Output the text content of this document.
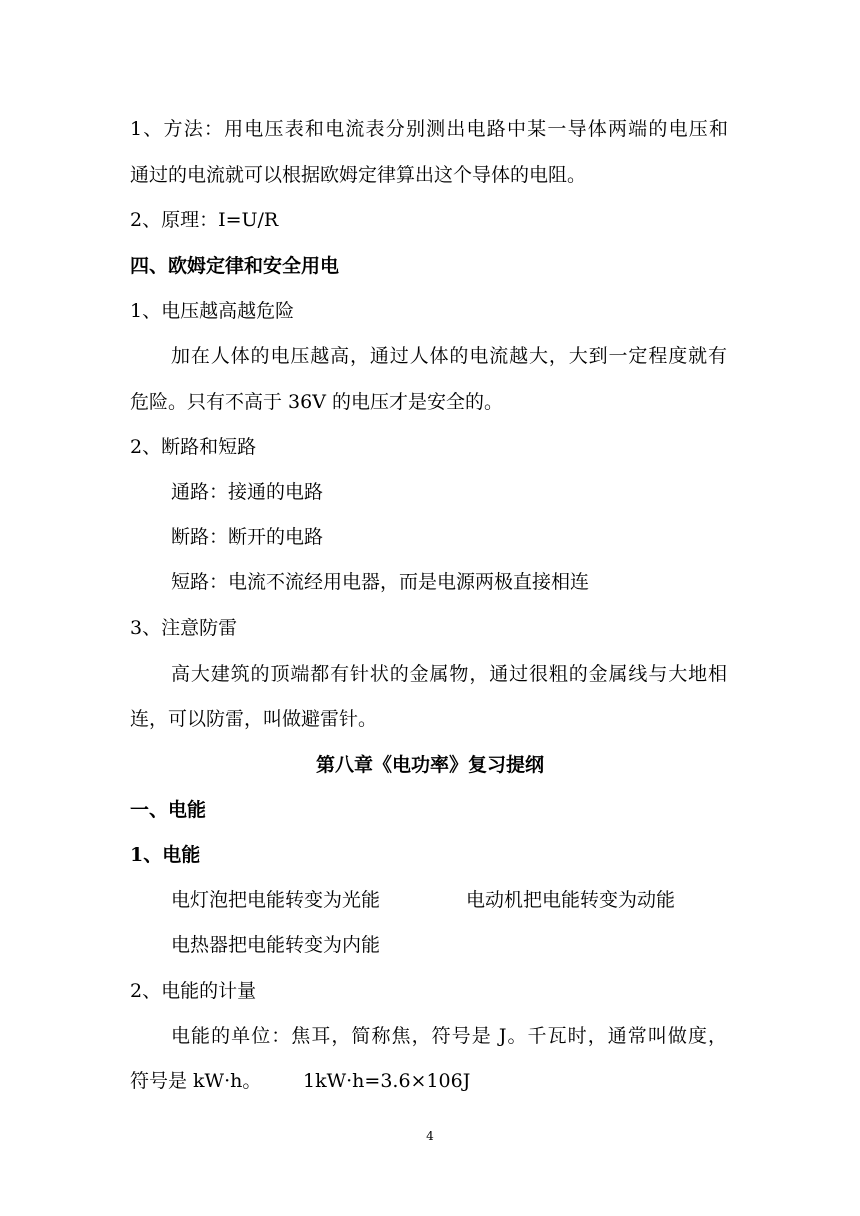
1、方法：用电压表和电流表分别测出电路中某一导体两端的电压和
通过的电流就可以根据欧姆定律算出这个导体的电阻。
2、原理：I=U/R
四、欧姆定律和安全用电
1、电压越高越危险
加在人体的电压越高，通过人体的电流越大，大到一定程度就有
危险。只有不高于 36V 的电压才是安全的。
2、断路和短路
通路：接通的电路
断路：断开的电路
短路：电流不流经用电器，而是电源两极直接相连
3、注意防雷
高大建筑的顶端都有针状的金属物，通过很粗的金属线与大地相
连，可以防雷，叫做避雷针。
第八章《电功率》复习提纲
一、电能
1、电能
电灯泡把电能转变为光能	电动机把电能转变为动能
电热器把电能转变为内能
2、电能的计量
电能的单位：焦耳，简称焦，符号是 J。千瓦时，通常叫做度，
符号是 kW·h。 1kW·h=3.6×106J
4
